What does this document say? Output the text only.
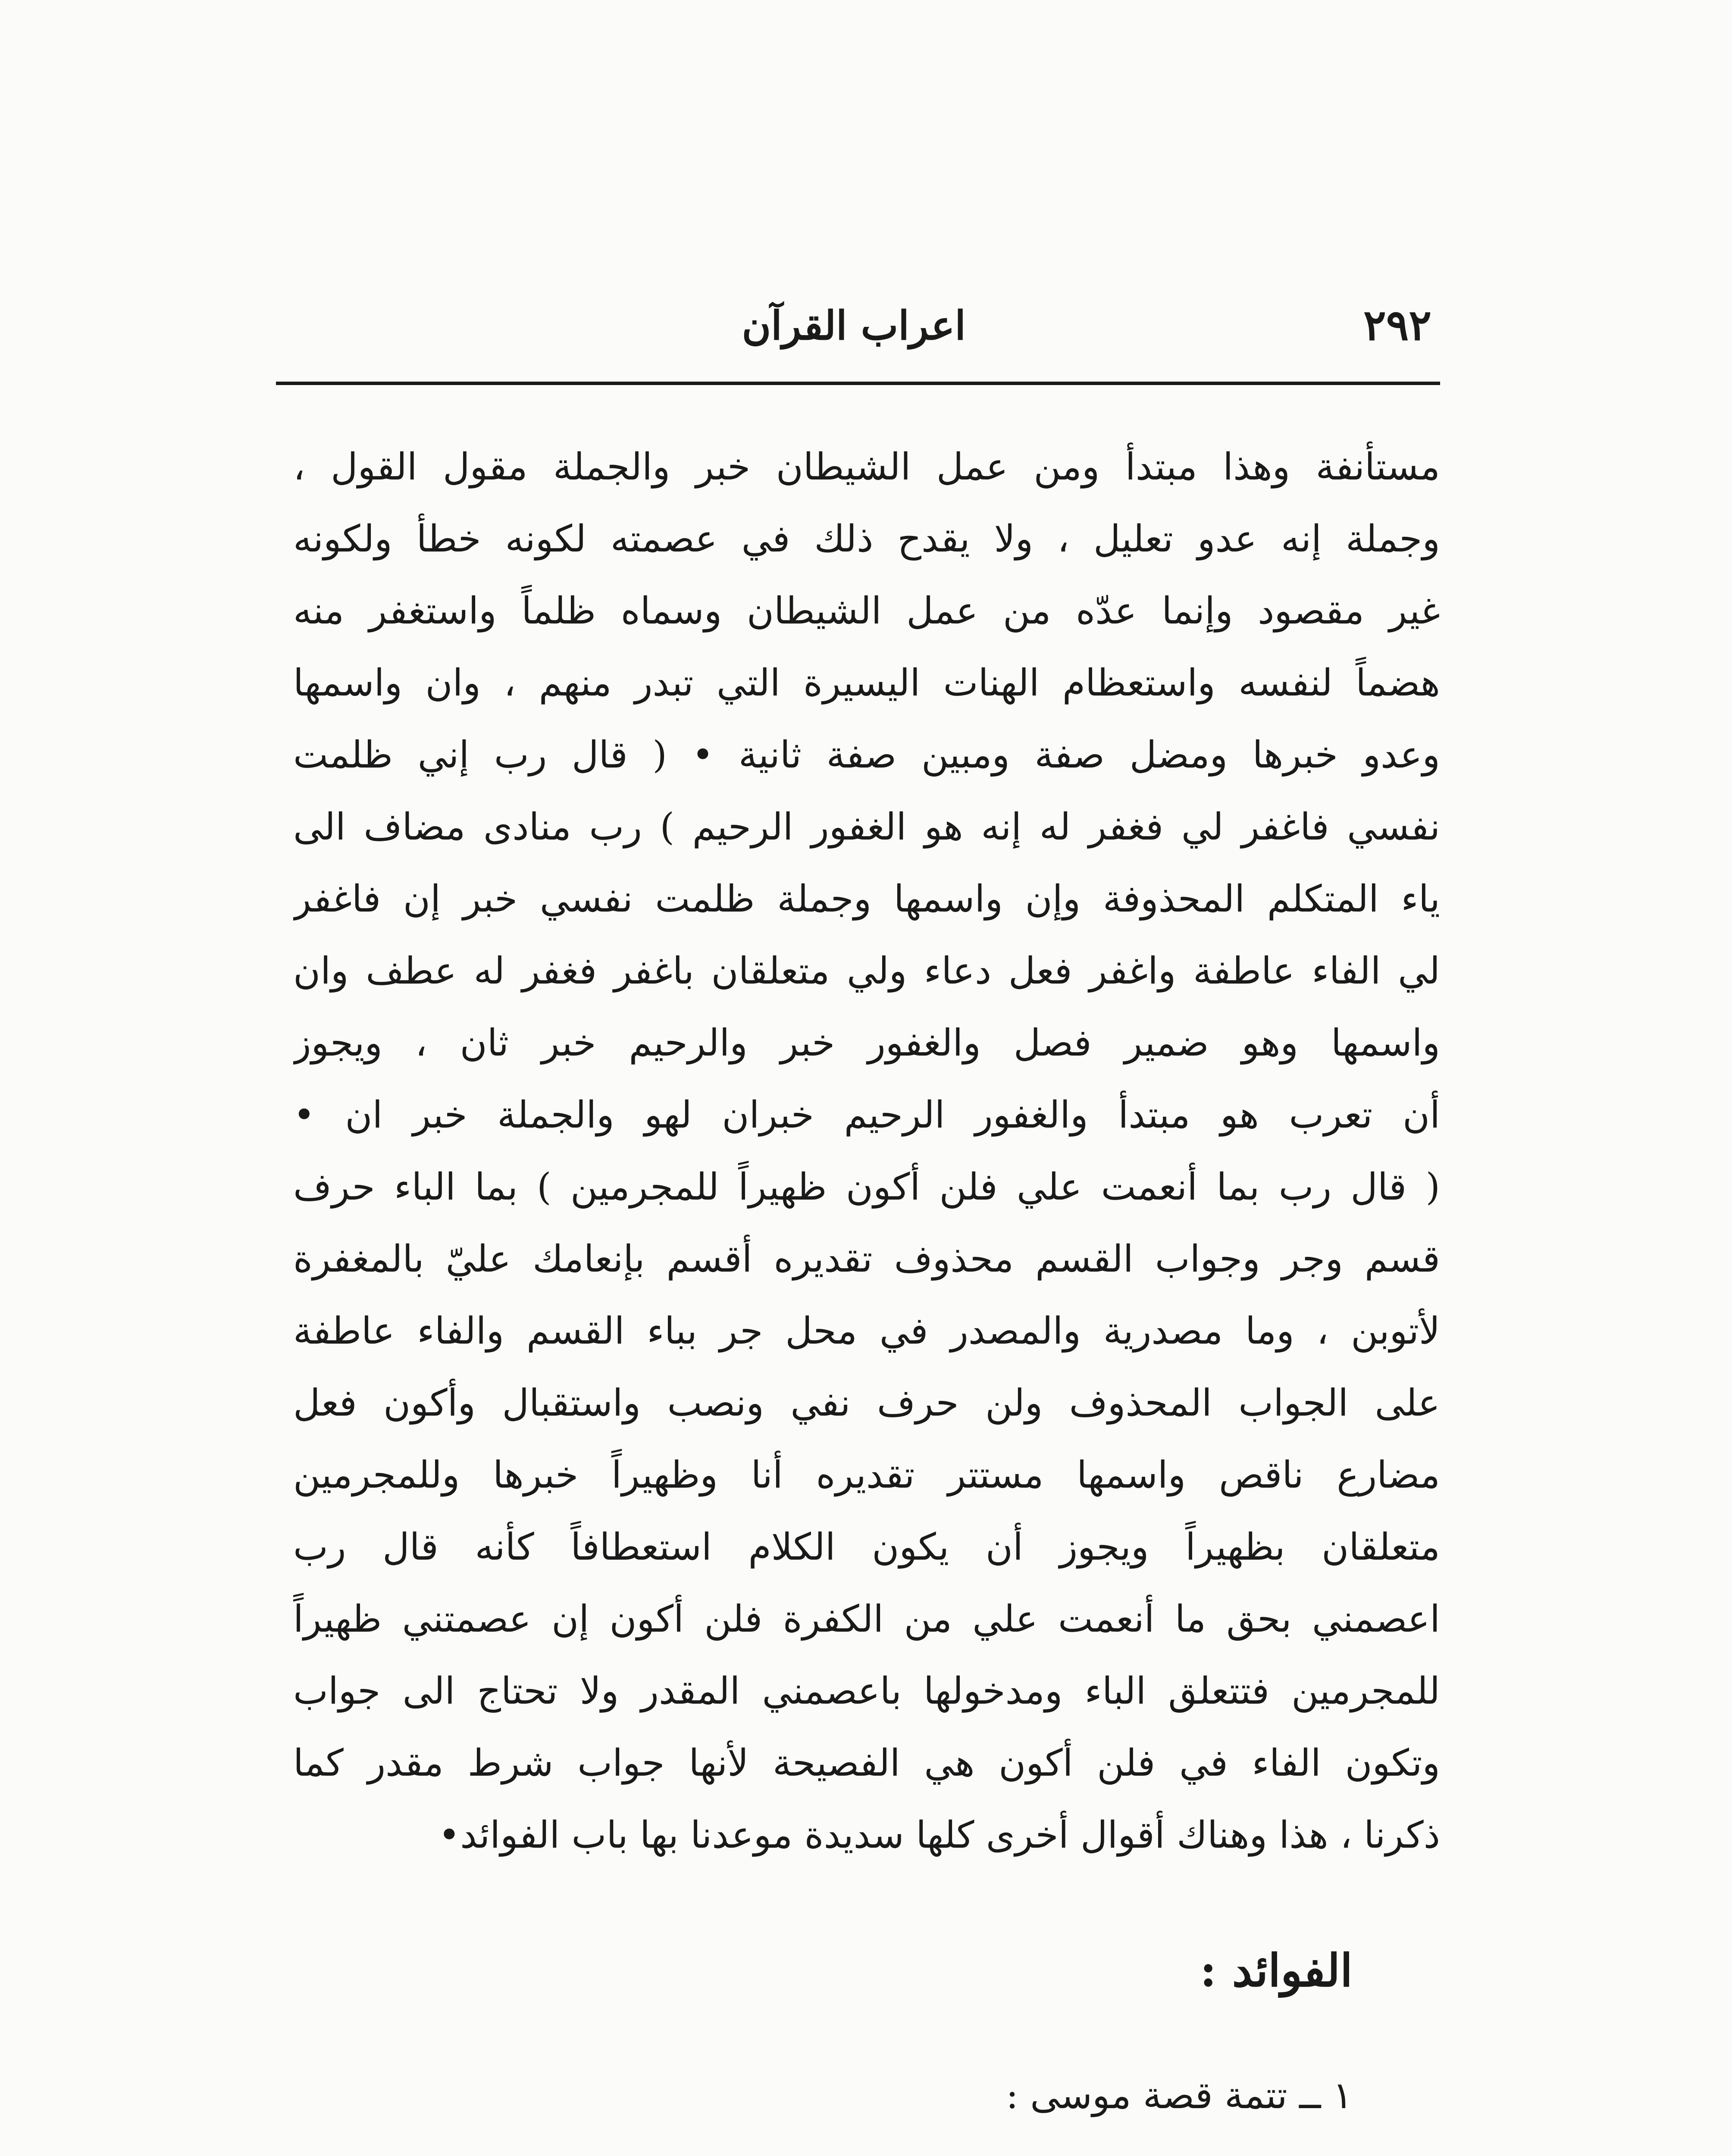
٢٩٢
اعراب القرآن
مستأنفة وهذا مبتدأ ومن عمل الشيطان خبر والجملة مقول القول ،
وجملة إنه عدو تعليل ، ولا يقدح ذلك في عصمته لكونه خطأ ولكونه
غير مقصود وإنما عدّه من عمل الشيطان وسماه ظلماً واستغفر منه
هضماً لنفسه واستعظام الهنات اليسيرة التي تبدر منهم ، وان واسمها
وعدو خبرها ومضل صفة ومبين صفة ثانية • ( قال رب إني ظلمت
نفسي فاغفر لي فغفر له إنه هو الغفور الرحيم ) رب منادى مضاف الى
ياء المتكلم المحذوفة وإن واسمها وجملة ظلمت نفسي خبر إن فاغفر
لي الفاء عاطفة واغفر فعل دعاء ولي متعلقان باغفر فغفر له عطف وان
واسمها وهو ضمير فصل والغفور خبر والرحيم خبر ثان ، ويجوز
أن تعرب هو مبتدأ والغفور الرحيم خبران لهو والجملة خبر ان •
( قال رب بما أنعمت علي فلن أكون ظهيراً للمجرمين ) بما الباء حرف
قسم وجر وجواب القسم محذوف تقديره أقسم بإنعامك عليّ بالمغفرة
لأتوبن ، وما مصدرية والمصدر في محل جر بباء القسم والفاء عاطفة
على الجواب المحذوف ولن حرف نفي ونصب واستقبال وأكون فعل
مضارع ناقص واسمها مستتر تقديره أنا وظهيراً خبرها وللمجرمين
متعلقان بظهيراً ويجوز أن يكون الكلام استعطافاً كأنه قال رب
اعصمني بحق ما أنعمت علي من الكفرة فلن أكون إن عصمتني ظهيراً
للمجرمين فتتعلق الباء ومدخولها باعصمني المقدر ولا تحتاج الى جواب
وتكون الفاء في فلن أكون هي الفصيحة لأنها جواب شرط مقدر كما
ذكرنا ، هذا وهناك أقوال أخرى كلها سديدة موعدنا بها باب الفوائد•
الفوائد :
١ ــ تتمة قصة موسى :
